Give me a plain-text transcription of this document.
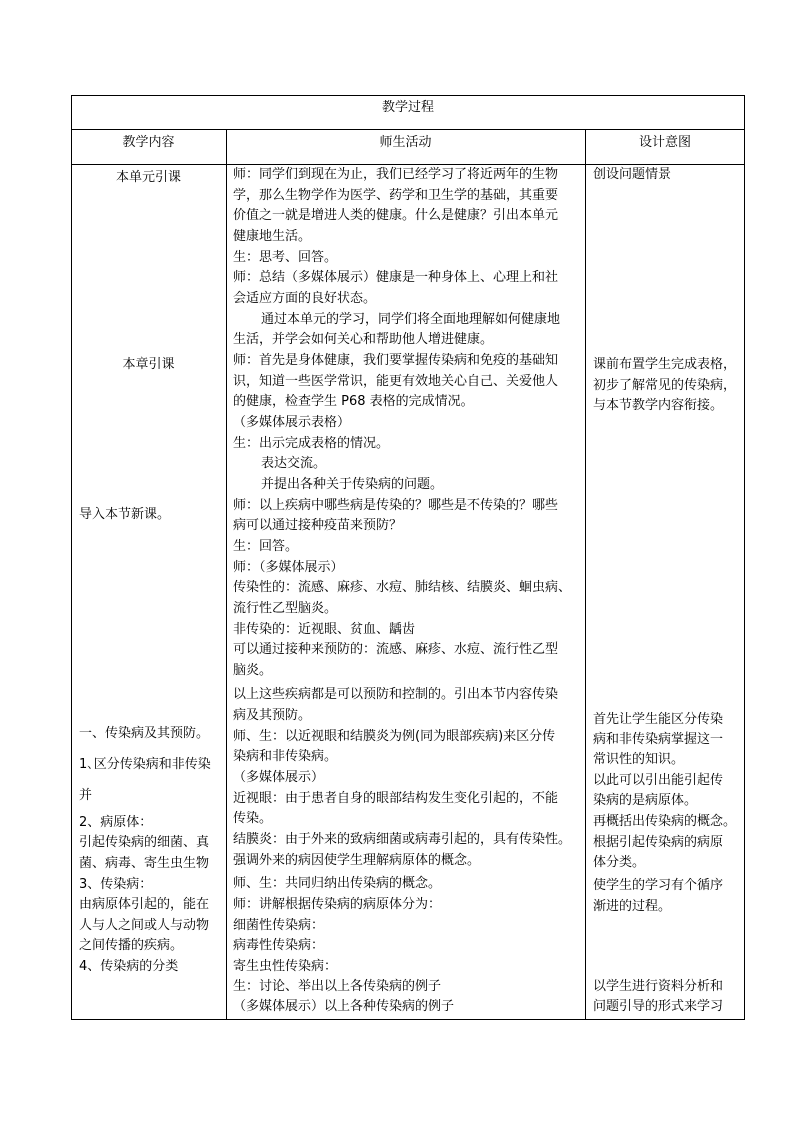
教学过程
教学内容	师生活动	设计意图
本单元引课
本章引课
导入本节新课。
一、传染病及其预防。
1､区分传染病和非传染
并
2、病原体：
引起传染病的细菌、真
菌、病毒、寄生虫生物
3、传染病：
由病原体引起的，能在
人与人之间或人与动物
之间传播的疾病。
4、传染病的分类
师：同学们到现在为止，我们已经学习了将近两年的生物
学，那么生物学作为医学、药学和卫生学的基础，其重要
价值之一就是增进人类的健康。什么是健康？引出本单元
健康地生活。
生：思考、回答。
师：总结（多媒体展示）健康是一种身体上、心理上和社
会适应方面的良好状态。
通过本单元的学习，同学们将全面地理解如何健康地
生活，并学会如何关心和帮助他人增进健康。
师：首先是身体健康，我们要掌握传染病和免疫的基础知
识，知道一些医学常识，能更有效地关心自己、关爱他人
的健康，检查学生 P68 表格的完成情况。
（多媒体展示表格）
生：出示完成表格的情况。
表达交流。
并提出各种关于传染病的问题。
师：以上疾病中哪些病是传染的？哪些是不传染的？哪些
病可以通过接种疫苗来预防？
生：回答。
师：（多媒体展示）
传染性的：流感、麻疹、水痘、肺结核、结膜炎、蛔虫病、
流行性乙型脑炎。
非传染的：近视眼、贫血、龋齿
可以通过接种来预防的：流感、麻疹、水痘、流行性乙型
脑炎。
以上这些疾病都是可以预防和控制的。引出本节内容传染
病及其预防。
师、生：以近视眼和结膜炎为例(同为眼部疾病)来区分传
染病和非传染病。
（多媒体展示）
近视眼：由于患者自身的眼部结构发生变化引起的，不能
传染。
结膜炎：由于外来的致病细菌或病毒引起的，具有传染性。
强调外来的病因使学生理解病原体的概念。
师、生：共同归纳出传染病的概念。
师：讲解根据传染病的病原体分为：
细菌性传染病：
病毒性传染病：
寄生虫性传染病：
生：讨论、举出以上各传染病的例子
（多媒体展示）以上各种传染病的例子
创设问题情景
课前布置学生完成表格，
初步了解常见的传染病，
与本节教学内容衔接。
首先让学生能区分传染
病和非传染病掌握这一
常识性的知识。
以此可以引出能引起传
染病的是病原体。
再概括出传染病的概念。
根据引起传染病的病原
体分类。
使学生的学习有个循序
渐进的过程。
以学生进行资料分析和
问题引导的形式来学习
